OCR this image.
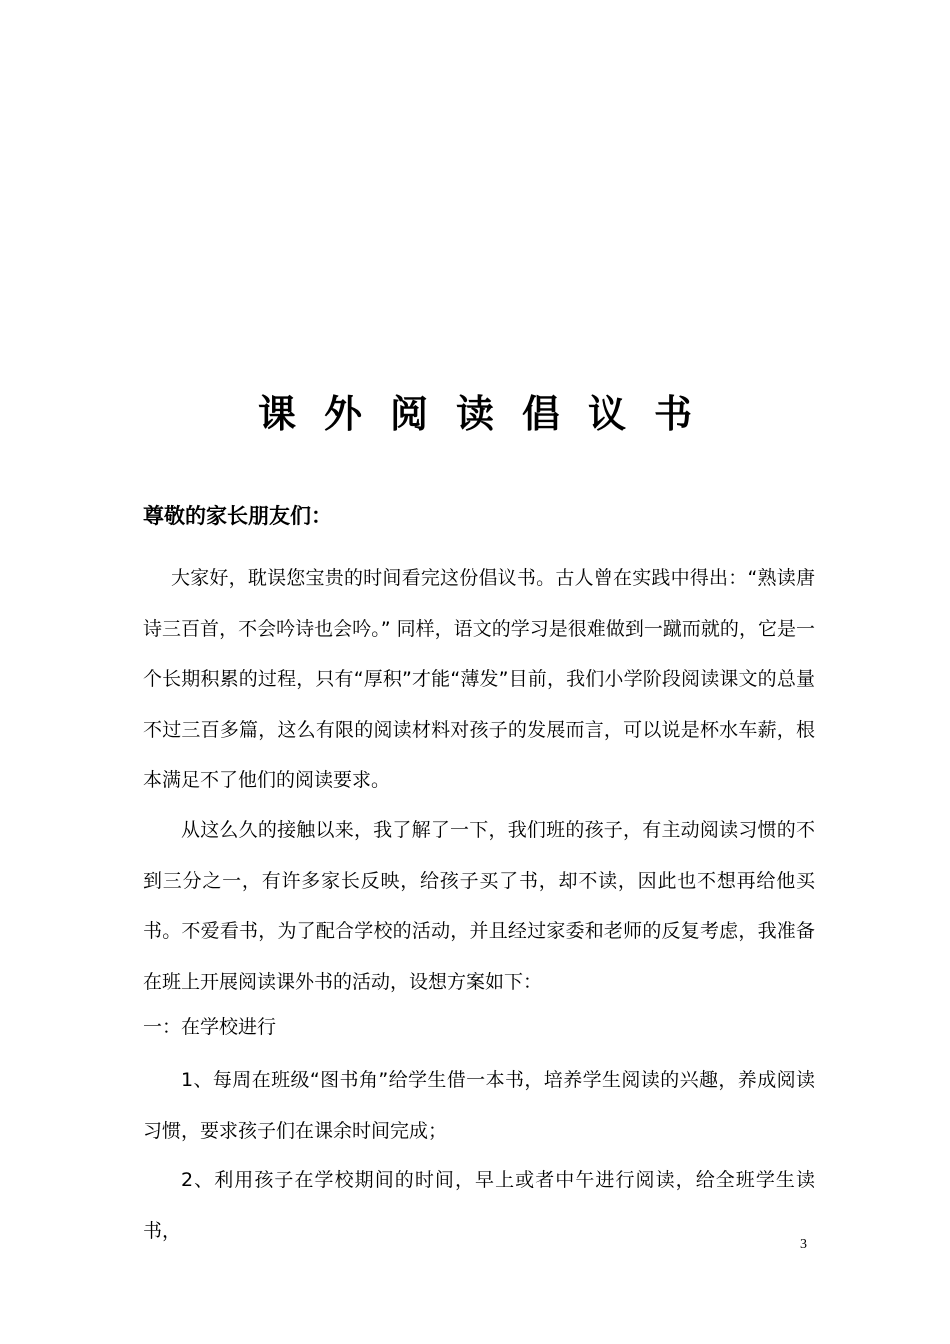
课外阅读倡议书
尊敬的家长朋友们：
大家好，耽误您宝贵的时间看完这份倡议书。古人曾在实践中得出：“熟读唐诗三百首，不会吟诗也会吟。” 同样，语文的学习是很难做到一蹴而就的，它是一个长期积累的过程，只有“厚积”才能“薄发”目前，我们小学阶段阅读课文的总量不过三百多篇，这么有限的阅读材料对孩子的发展而言，可以说是杯水车薪，根本满足不了他们的阅读要求。
从这么久的接触以来，我了解了一下，我们班的孩子，有主动阅读习惯的不到三分之一，有许多家长反映，给孩子买了书，却不读，因此也不想再给他买书。不爱看书，为了配合学校的活动，并且经过家委和老师的反复考虑，我准备在班上开展阅读课外书的活动，设想方案如下：
一：在学校进行
1、每周在班级“图书角”给学生借一本书，培养学生阅读的兴趣，养成阅读习惯，要求孩子们在课余时间完成；
2、利用孩子在学校期间的时间，早上或者中午进行阅读，给全班学生读书，
3
